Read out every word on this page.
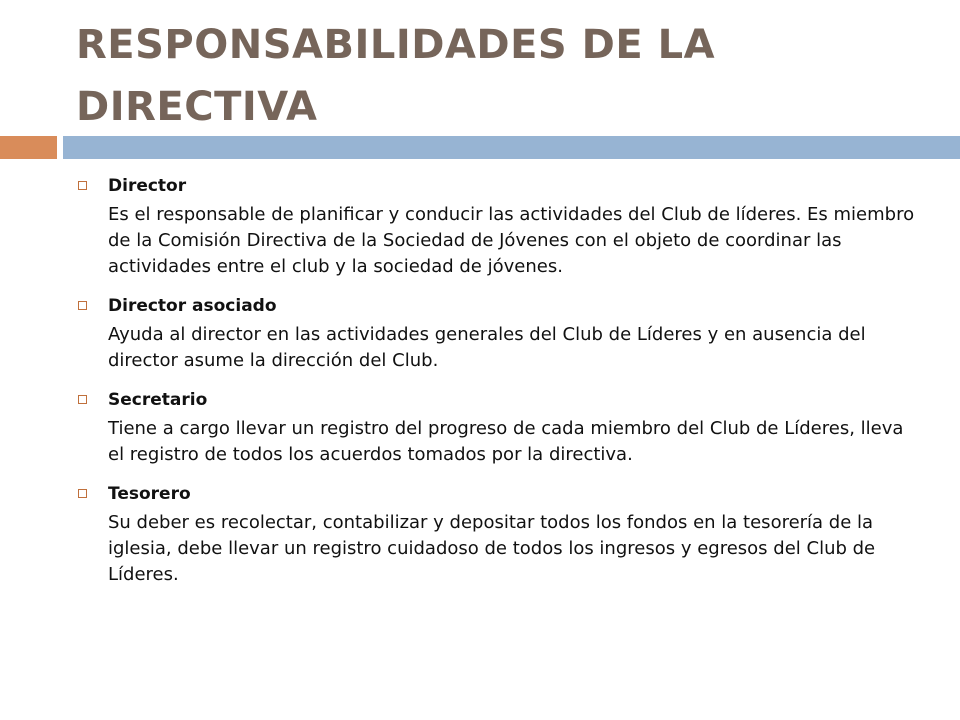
RESPONSABILIDADES DE LA DIRECTIVA
Director

Es el responsable de planificar y conducir las actividades del Club de líderes. Es miembro de la Comisión Directiva de la Sociedad de Jóvenes con el objeto de coordinar las actividades entre el club y la sociedad de jóvenes.

Director asociado

Ayuda al director en las actividades generales del Club de Líderes y en ausencia del director asume la dirección del Club.

Secretario

Tiene a cargo llevar un registro del progreso de cada miembro del Club de Líderes, lleva el registro de todos los acuerdos tomados por la directiva.

Tesorero

Su deber es recolectar, contabilizar y depositar todos los fondos en la tesorería de la iglesia, debe llevar un registro cuidadoso de todos los ingresos y egresos del Club de Líderes.
